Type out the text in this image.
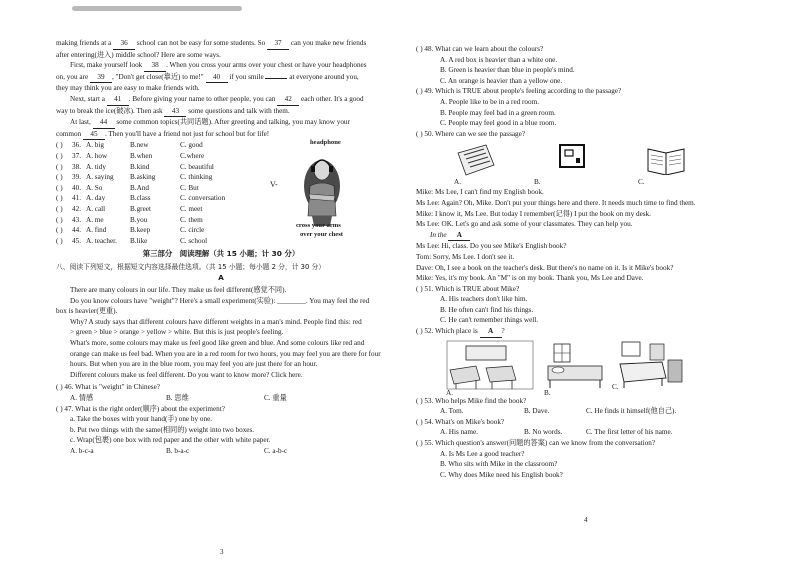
making friends at a 36 school can not be easy for some students. So 37 can you make new friends
after entering(进入) middle school? Here are some ways.
First, make yourself look 38 . When you cross your arms over your chest or have your headphones
on, you are 39 , "Don't get close(靠近) to me!" 40 if you smile	at everyone around you,
they may think you are easy to make friends with.
Next, start a 41 . Before giving your name to other people, you can 42 each other. It's a good
way to break the ice(破冰). Then ask 43 some questions and talk with them.
At last, 44 some common topics(共同话题). After greeting and talking, you may know your
common 45 . Then you'll have a friend not just for school but for life!
( )	36. A. big	B.new	C. good
( )	37. A. how	B.when	C.where
( )	38. A. tidy	B.kind	C. beautiful
( )	39. A. saying	B.asking	C. thinking
( )	40. A. So	B.And	C. But
( )	41. A. day	B.class	C. conversation
( )	42. A. call	B.greet	C. meet
( )	43. A. me	B.you	C. them
( )	44. A. find	B.keep	C. circle
( )	45. A. teacher.	B.like	C. school
headphone
V-
cross your arms
over your chest
第三部分　阅读理解（共 15 小题；计 30 分）
八、阅读下列短文，根据短文内容选择最佳选项。（共 15 小题；每小题 2 分，计 30 分）
A
There are many colours in our life. They make us feel different(感觉不同).
Do you know colours have "weight"? Here's a small experiment(实验): ________. You may feel the red
box is heavier(更重).
Why? A study says that different colours have different weights in a man's mind. People find this: red
> green > blue > orange > yellow > white. But this is just people's feeling.
What's more, some colours may make us feel good like green and blue. And some colours like red and
orange can make us feel bad. When you are in a red room for two hours, you may feel you are there for four
hours. But when you are in the blue room, you may feel you are just there for an hour.
Different colours make us feel different. Do you want to know more? Click here.
( ) 46. What is "weight" in Chinese?
A. 情感	B. 思维	C. 重量
( ) 47. What is the right order(顺序) about the experiment?
a. Take the boxes with your hand(手) one by one.
b. Put two things with the same(相同的) weight into two boxes.
c. Wrap(包裹) one box with red paper and the other with white paper.
A. b-c-a	B. b-a-c	C. a-b-c
3
( ) 48. What can we learn about the colours?
A. A red box is heavier than a white one.
B. Green is heavier than blue in people's mind.
C. An orange is heavier than a yellow one.
( ) 49. Which is TRUE about people's feeling according to the passage?
A. People like to be in a red room.
B. People may feel bad in a green room.
C. People may feel good in a blue room.
( ) 50. Where can we see the passage?
A.	B.	C.
Mike: Ms Lee, I can't find my English book.
Ms Lee: Again? Oh, Mike. Don't put your things here and there. It needs much time to find them.
Mike: I know it, Ms Lee. But today I remember(记得) I put the book on my desk.
Ms Lee: OK. Let's go and ask some of your classmates. They can help you.
In the A
Ms Lee: Hi, class. Do you see Mike's English book?
Tom: Sorry, Ms Lee. I don't see it.
Dave: Oh, I see a book on the teacher's desk. But there's no name on it. Is it Mike's book?
Mike: Yes, it's my book. An "M" is on my book. Thank you, Ms Lee and Dave.
( ) 51. Which is TRUE about Mike?
A. His teachers don't like him.
B. He often can't find his things.
C. He can't remember things well.
( ) 52. Which place is A ?
A.	B.
C.
( ) 53. Who helps Mike find the book?
A. Tom.	B. Dave.	C. He finds it himself(他自己).
( ) 54. What's on Mike's book?
A. His name.	B. No words.	C. The first letter of his name.
( ) 55. Which question's answer(问题的答案) can we know from the conversation?
A. Is Ms Lee a good teacher?
B. Who sits with Mike in the classroom?
C. Why does Mike need his English book?
4
